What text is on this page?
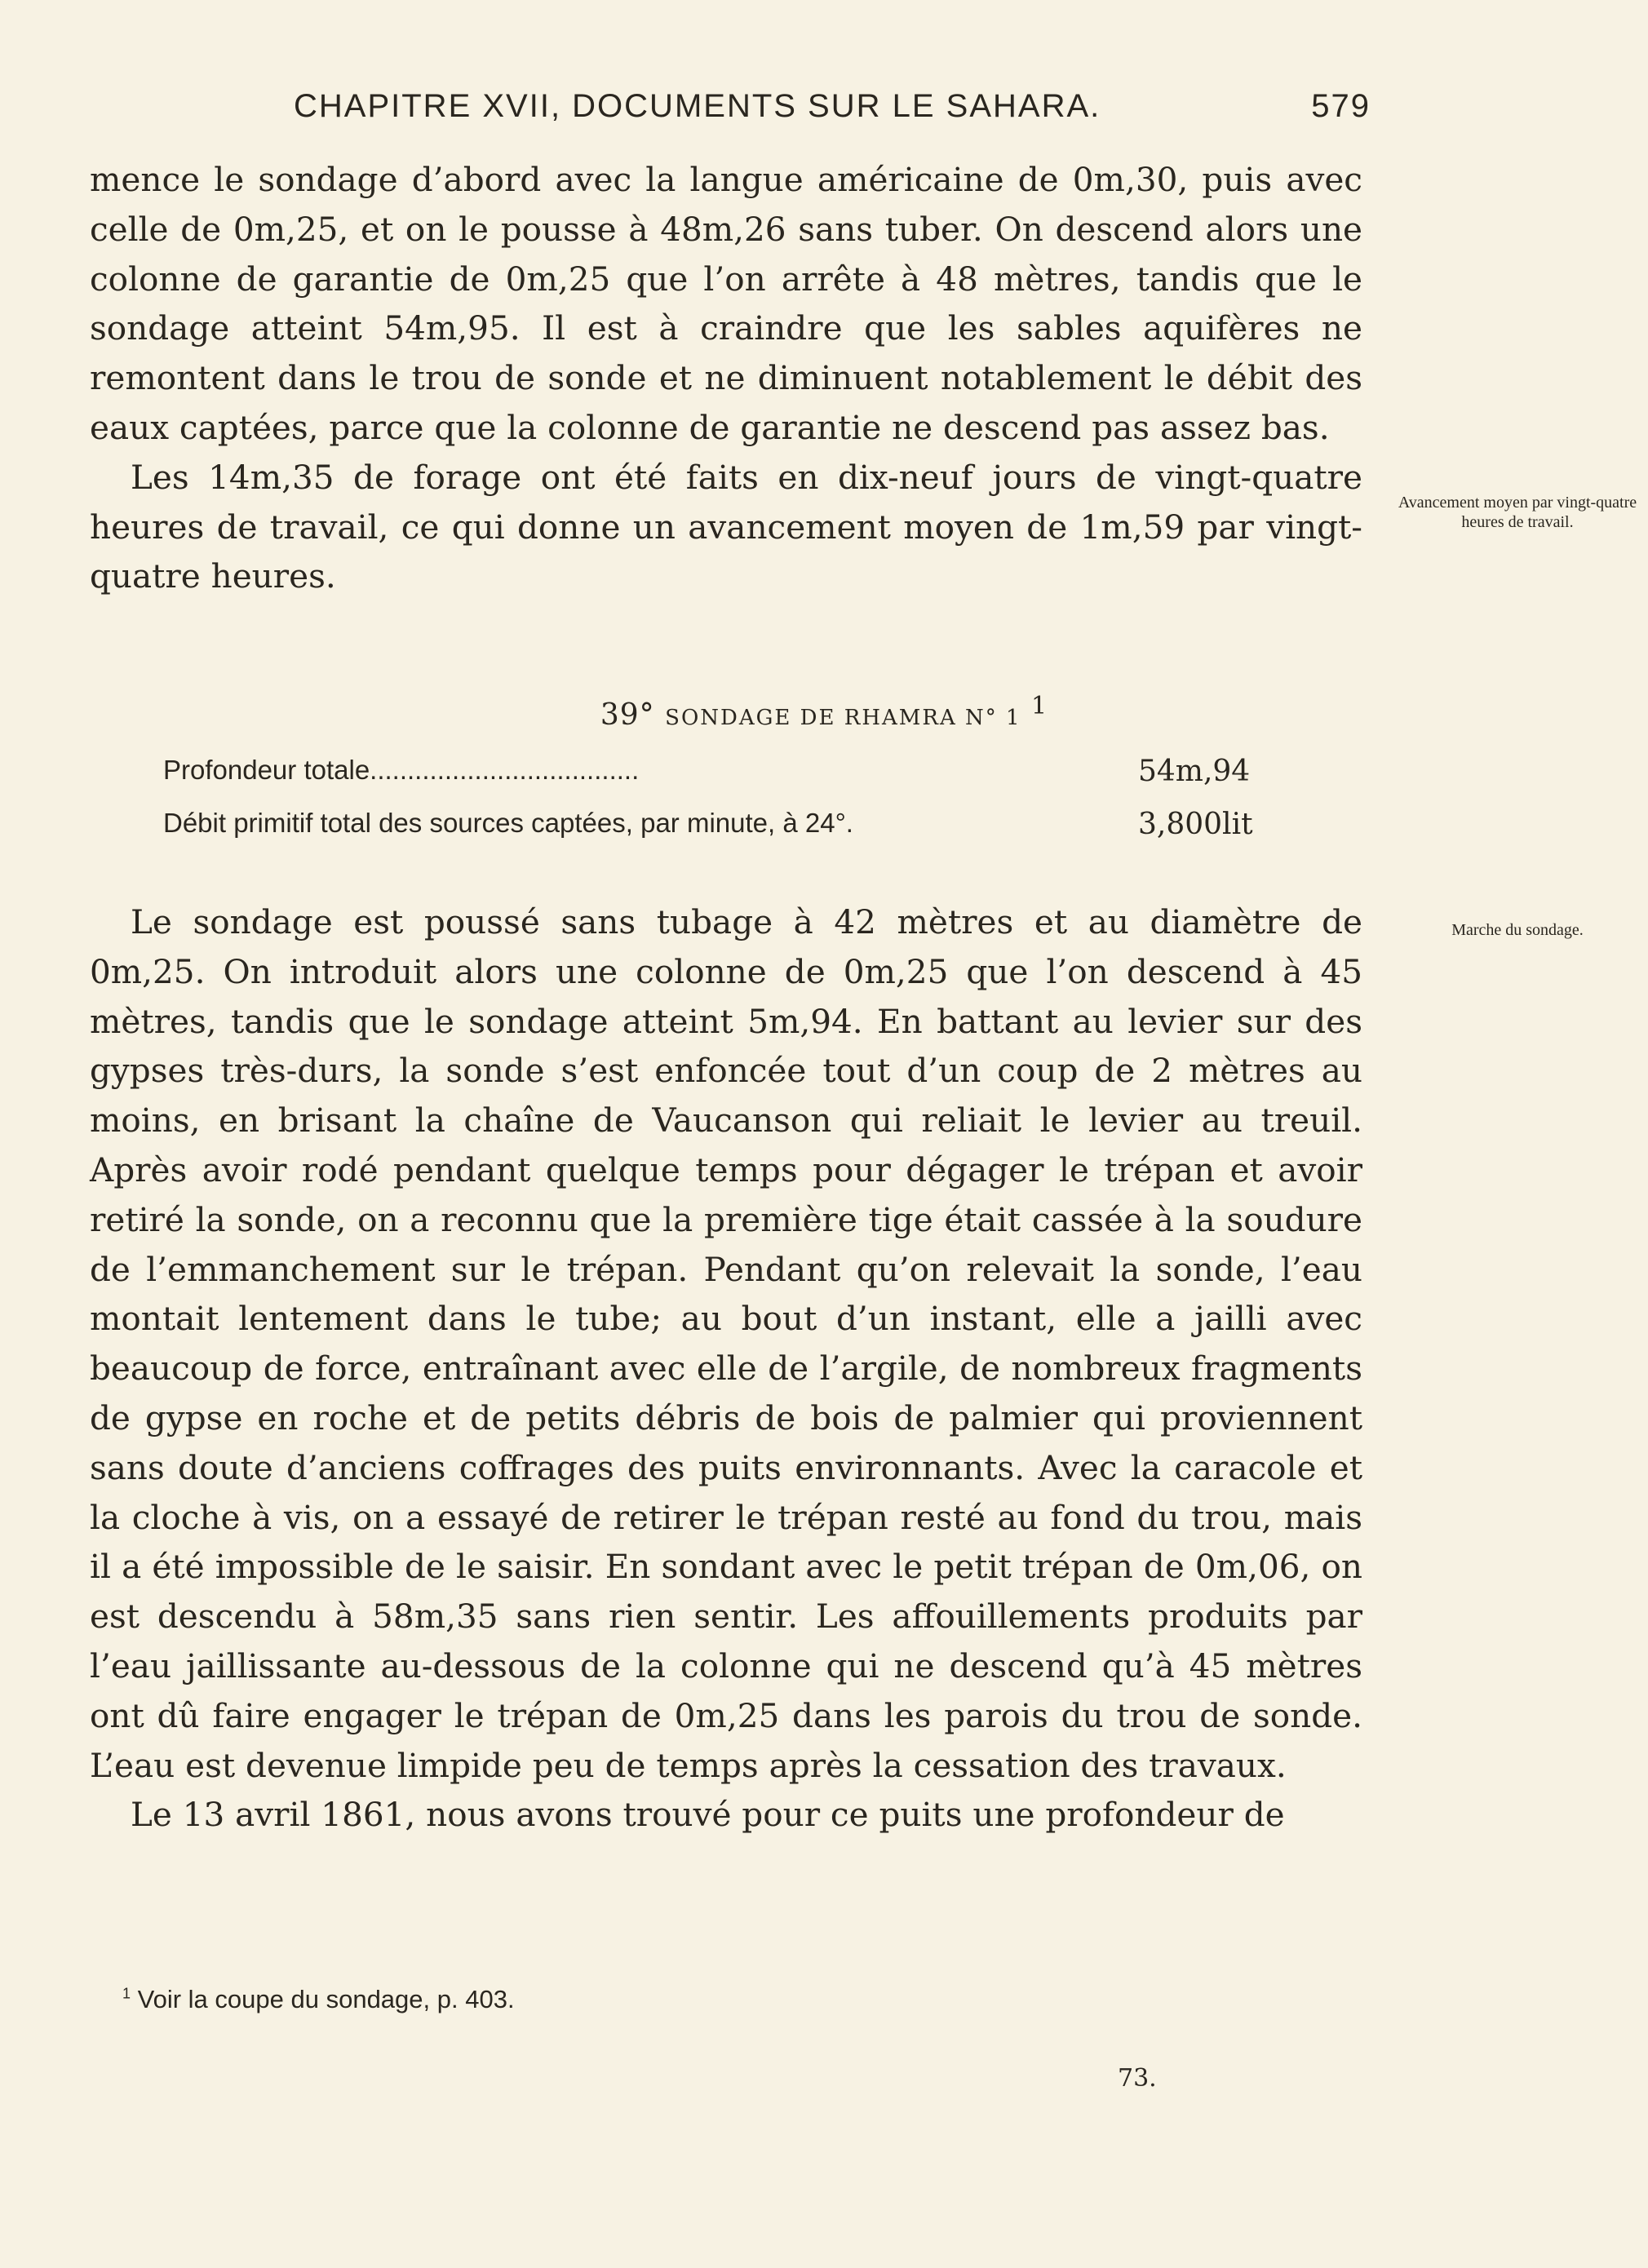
CHAPITRE XVII, DOCUMENTS SUR LE SAHARA.	579

mence le sondage d’abord avec la langue américaine de 0m,30, puis avec celle de 0m,25, et on le pousse à 48m,26 sans tuber. On descend alors une colonne de garantie de 0m,25 que l’on arrête à 48 mètres, tandis que le sondage atteint 54m,95. Il est à craindre que les sables aquifères ne remontent dans le trou de sonde et ne diminuent notablement le débit des eaux captées, parce que la colonne de garantie ne descend pas assez bas.

Les 14m,35 de forage ont été faits en dix-neuf jours de vingt-quatre heures de travail, ce qui donne un avancement moyen de 1m,59 par vingt-quatre heures.

Avancement moyen par vingt-quatre heures de travail.
39° SONDAGE DE RHAMRA N° 1 $^1$
Profondeur totale....................................	54m,94
Débit primitif total des sources captées, par minute, à 24°.	3,800lit

Le sondage est poussé sans tubage à 42 mètres et au diamètre de 0m,25. On introduit alors une colonne de 0m,25 que l’on descend à 45 mètres, tandis que le sondage atteint 5m,94. En battant au levier sur des gypses très-durs, la sonde s’est enfoncée tout d’un coup de 2 mètres au moins, en brisant la chaîne de Vaucanson qui reliait le levier au treuil. Après avoir rodé pendant quelque temps pour dégager le trépan et avoir retiré la sonde, on a reconnu que la première tige était cassée à la soudure de l’emmanchement sur le trépan. Pendant qu’on relevait la sonde, l’eau montait lentement dans le tube; au bout d’un instant, elle a jailli avec beaucoup de force, entraînant avec elle de l’argile, de nombreux fragments de gypse en roche et de petits débris de bois de palmier qui proviennent sans doute d’anciens coffrages des puits environnants. Avec la caracole et la cloche à vis, on a essayé de retirer le trépan resté au fond du trou, mais il a été impossible de le saisir. En sondant avec le petit trépan de 0m,06, on est descendu à 58m,35 sans rien sentir. Les affouillements produits par l’eau jaillissante au-dessous de la colonne qui ne descend qu’à 45 mètres ont dû faire engager le trépan de 0m,25 dans les parois du trou de sonde. L’eau est devenue limpide peu de temps après la cessation des travaux.

Le 13 avril 1861, nous avons trouvé pour ce puits une profondeur de

Marche du sondage.
$^1$ Voir la coupe du sondage, p. 403.
73.
